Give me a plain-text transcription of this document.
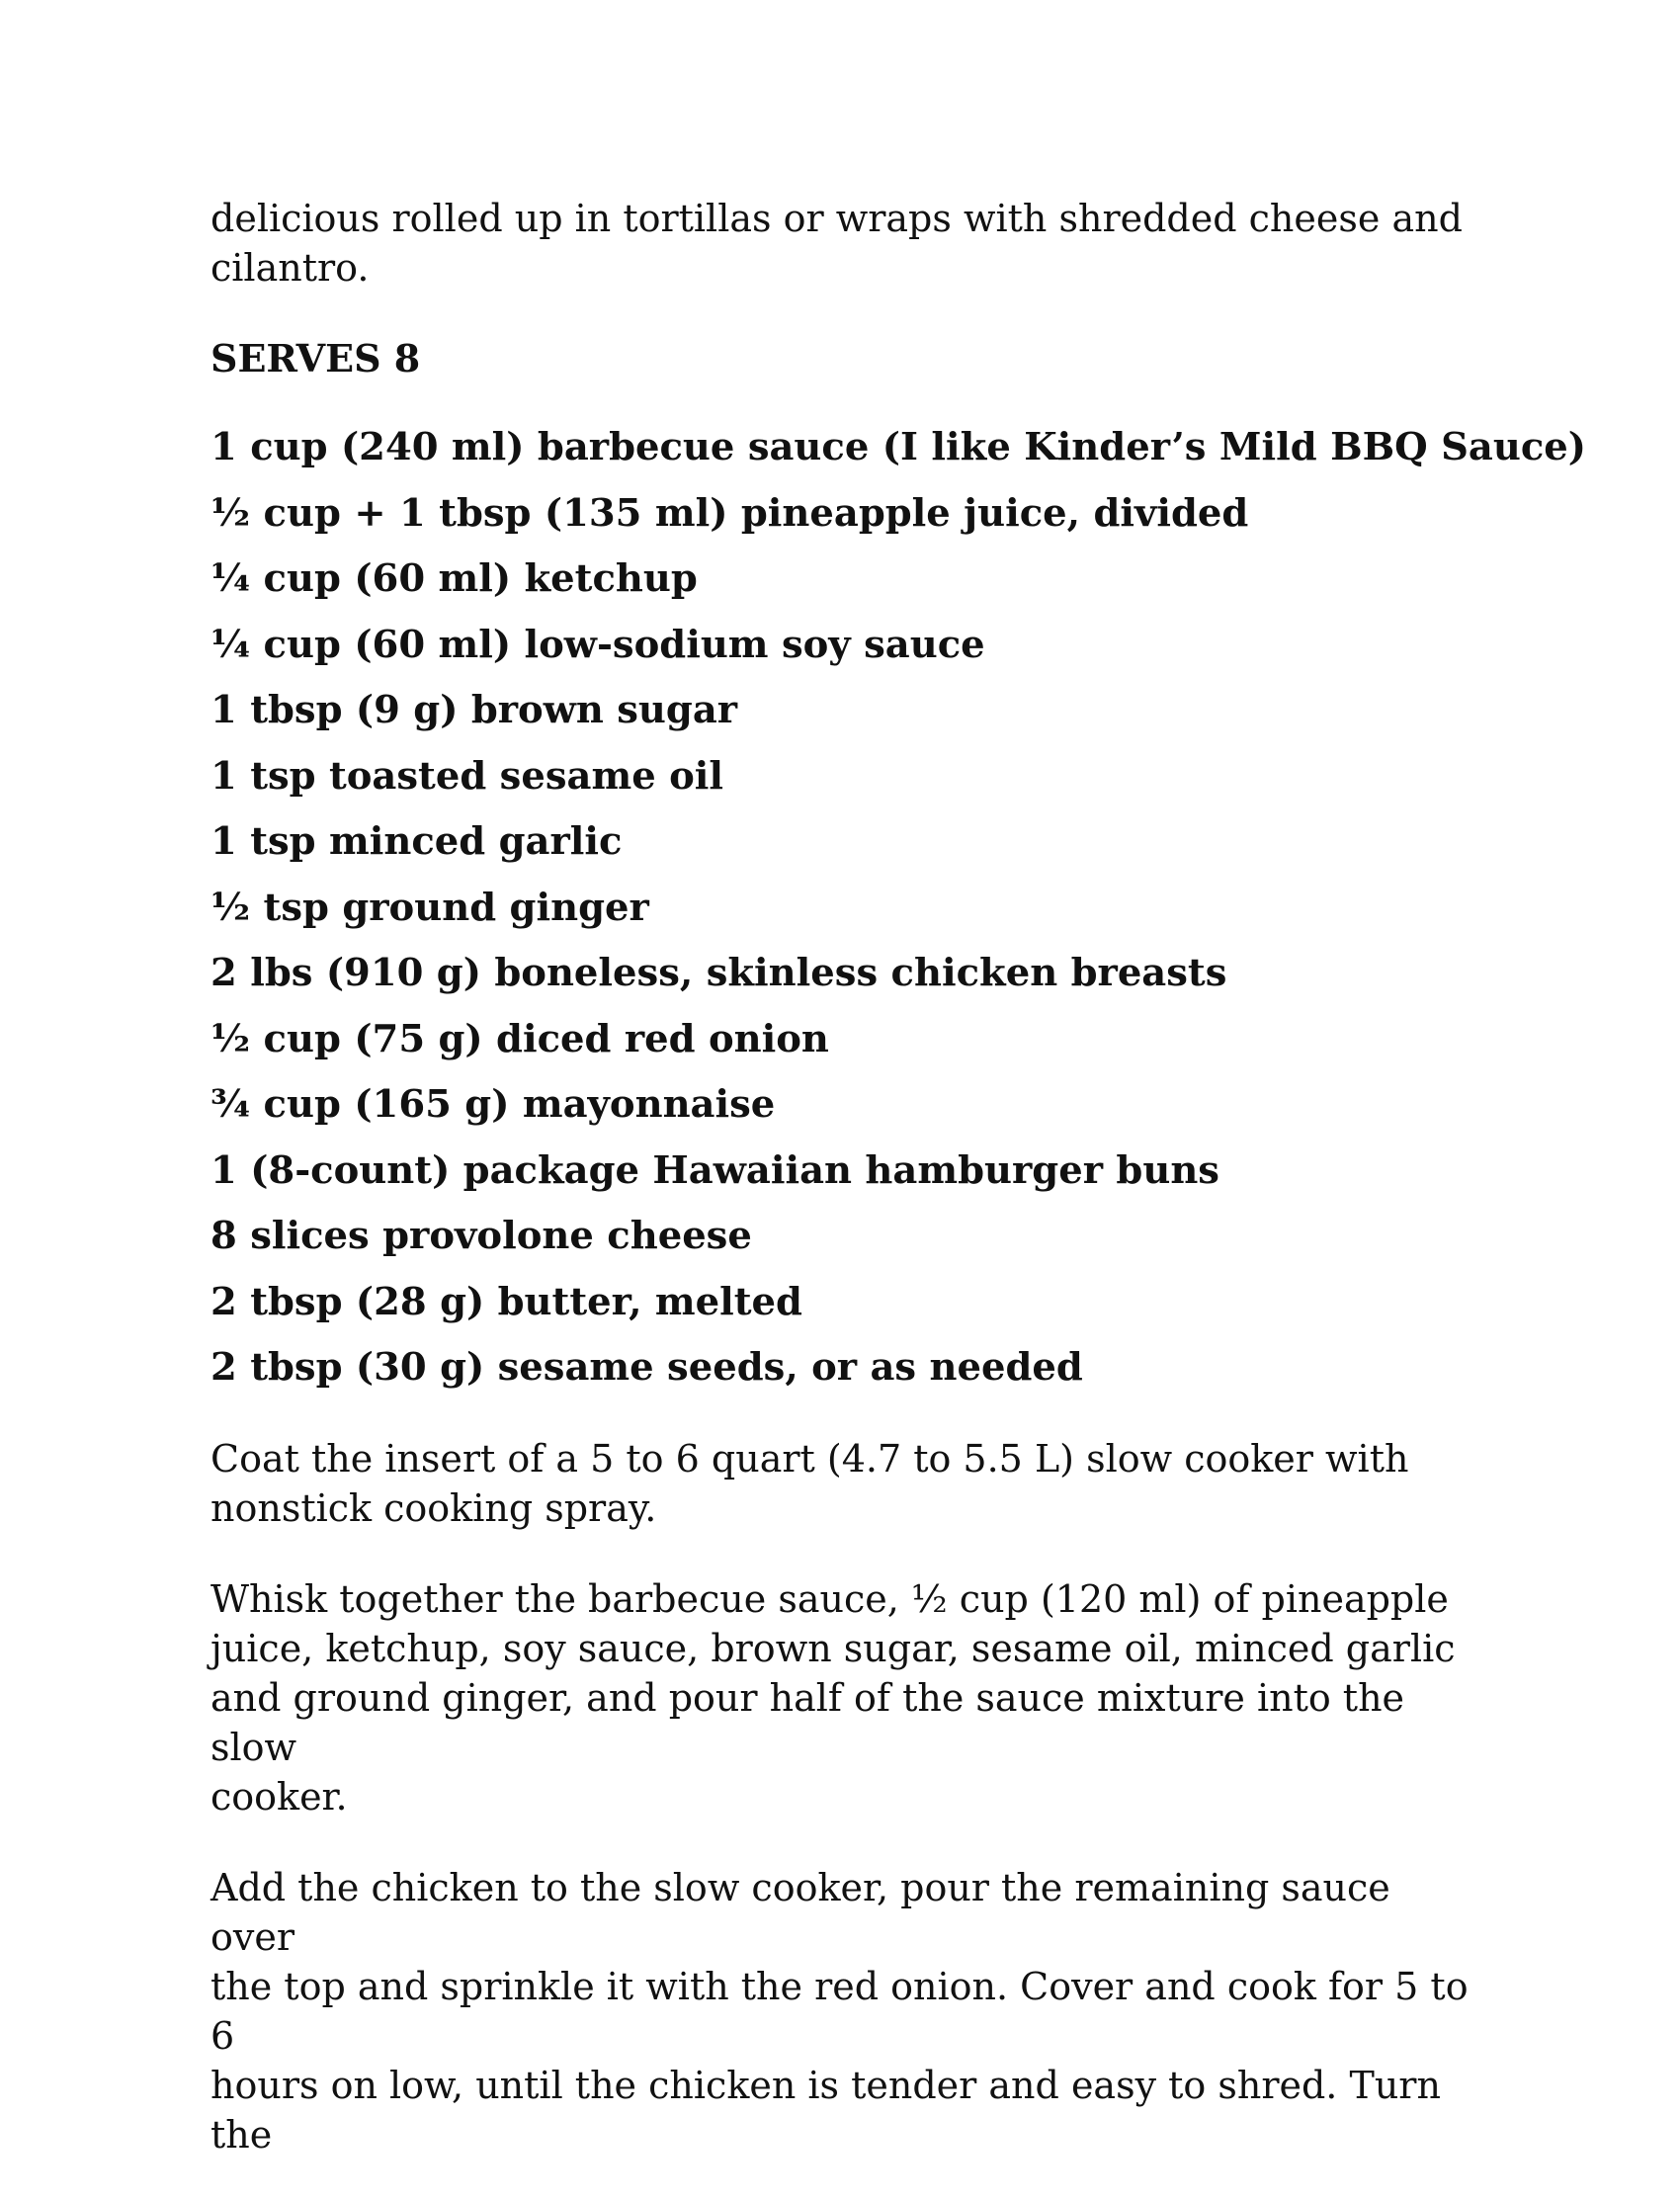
delicious rolled up in tortillas or wraps with shredded cheese and
cilantro.

SERVES 8

1 cup (240 ml) barbecue sauce (I like Kinder’s Mild BBQ Sauce)
½ cup + 1 tbsp (135 ml) pineapple juice, divided
¼ cup (60 ml) ketchup
¼ cup (60 ml) low-sodium soy sauce
1 tbsp (9 g) brown sugar
1 tsp toasted sesame oil
1 tsp minced garlic
½ tsp ground ginger
2 lbs (910 g) boneless, skinless chicken breasts
½ cup (75 g) diced red onion
¾ cup (165 g) mayonnaise
1 (8-count) package Hawaiian hamburger buns
8 slices provolone cheese
2 tbsp (28 g) butter, melted
2 tbsp (30 g) sesame seeds, or as needed

Coat the insert of a 5 to 6 quart (4.7 to 5.5 L) slow cooker with
nonstick cooking spray.

Whisk together the barbecue sauce, ½ cup (120 ml) of pineapple
juice, ketchup, soy sauce, brown sugar, sesame oil, minced garlic
and ground ginger, and pour half of the sauce mixture into the slow
cooker.

Add the chicken to the slow cooker, pour the remaining sauce over
the top and sprinkle it with the red onion. Cover and cook for 5 to 6
hours on low, until the chicken is tender and easy to shred. Turn the
